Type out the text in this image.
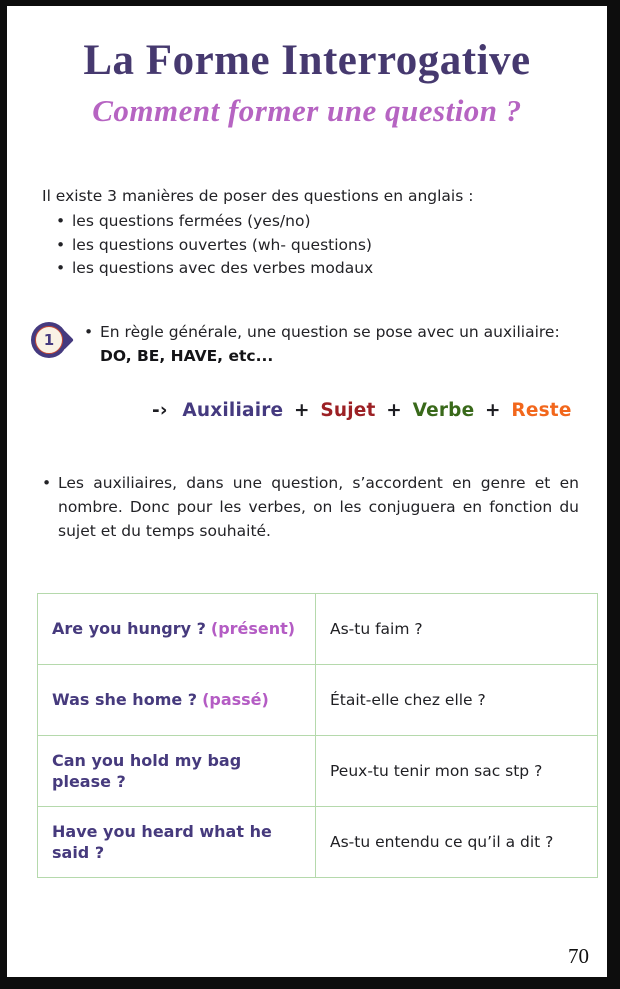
La Forme Interrogative
Comment former une question ?
Il existe 3 manières de poser des questions en anglais :
• les questions fermées (yes/no)
• les questions ouvertes (wh- questions)
• les questions avec des verbes modaux
1	• En règle générale, une question se pose avec un auxiliaire:
DO, BE, HAVE, etc...
-› Auxiliaire + Sujet + Verbe + Reste
• Les auxiliaires, dans une question, s’accordent en genre et en nombre. Donc pour les verbes, on les conjuguera en fonction du sujet et du temps souhaité.

Are you hungry ? (présent)	As-tu faim ?
Was she home ? (passé)	Était-elle chez elle ?
Can you hold my bag please ?	Peux-tu tenir mon sac stp ?
Have you heard what he said ?	As-tu entendu ce qu’il a dit ?
70
